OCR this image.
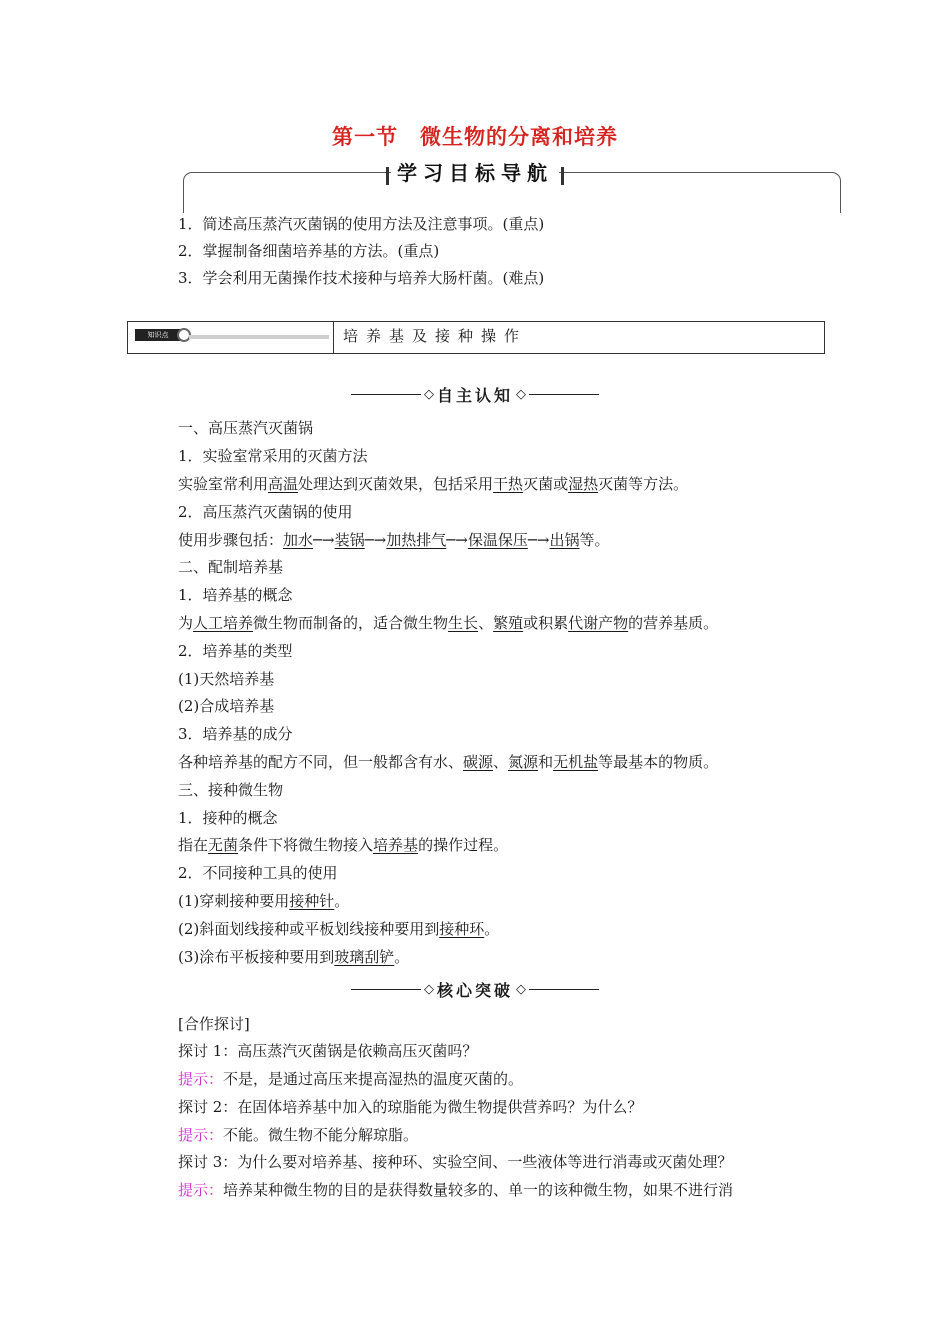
第一节　微生物的分离和培养
学习目标导航
1．简述高压蒸汽灭菌锅的使用方法及注意事项。(重点)
2．掌握制备细菌培养基的方法。(重点)
3．学会利用无菌操作技术接种与培养大肠杆菌。(难点)
知识点	培养基及接种操作
◇ 自主认知 ◇
一、高压蒸汽灭菌锅
1．实验室常采用的灭菌方法
实验室常利用高温处理达到灭菌效果，包括采用干热灭菌或湿热灭菌等方法。
2．高压蒸汽灭菌锅的使用
使用步骤包括：加水─→装锅─→加热排气─→保温保压─→出锅等。
二、配制培养基
1．培养基的概念
为人工培养微生物而制备的，适合微生物生长、繁殖或积累代谢产物的营养基质。
2．培养基的类型
(1)天然培养基
(2)合成培养基
3．培养基的成分
各种培养基的配方不同，但一般都含有水、碳源、氮源和无机盐等最基本的物质。
三、接种微生物
1．接种的概念
指在无菌条件下将微生物接入培养基的操作过程。
2．不同接种工具的使用
(1)穿刺接种要用接种针。
(2)斜面划线接种或平板划线接种要用到接种环。
(3)涂布平板接种要用到玻璃刮铲。
◇ 核心突破 ◇
[合作探讨]
探讨 1：高压蒸汽灭菌锅是依赖高压灭菌吗？
提示：不是，是通过高压来提高湿热的温度灭菌的。
探讨 2：在固体培养基中加入的琼脂能为微生物提供营养吗？为什么？
提示：不能。微生物不能分解琼脂。
探讨 3：为什么要对培养基、接种环、实验空间、一些液体等进行消毒或灭菌处理？
提示：培养某种微生物的目的是获得数量较多的、单一的该种微生物，如果不进行消
